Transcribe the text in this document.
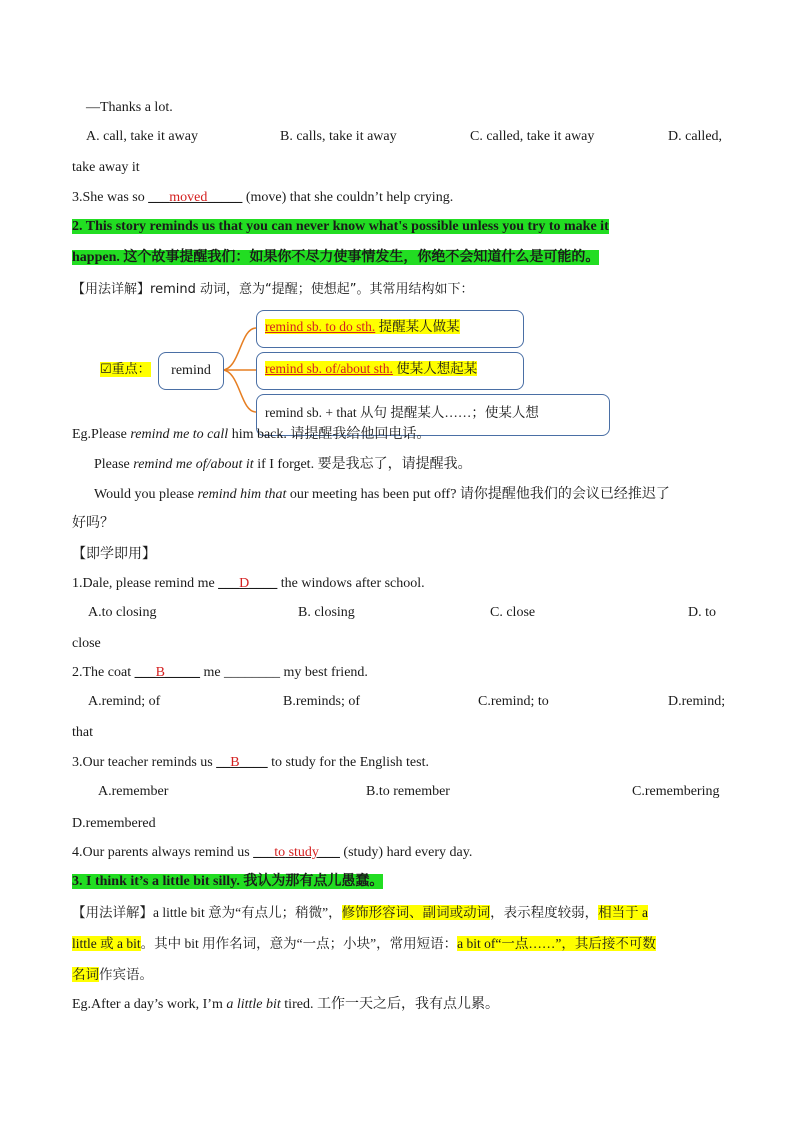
—Thanks a lot.
A. call, take it away	B. calls, take it away	C. called, take it away	D. called,
take away it
3.She was so ___moved_____ (move) that she couldn’t help crying.
2. This story reminds us that you can never know what's possible unless you try to make it
happen. 这个故事提醒我们：如果你不尽力使事情发生，你绝不会知道什么是可能的。
【用法详解】remind 动词，意为“提醒；使想起”。其常用结构如下：
☑重点：	remind
remind sb. to do sth. 提醒某人做某
remind sb. of/about sth. 使某人想起某
remind sb. + that 从句 提醒某人……；使某人想
Eg.Please remind me to call him back. 请提醒我给他回电话。
Please remind me of/about it if I forget. 要是我忘了，请提醒我。
Would you please remind him that our meeting has been put off? 请你提醒他我们的会议已经推迟了
好吗？
【即学即用】
1.Dale, please remind me ___D____ the windows after school.
A.to closing	B. closing	C. close	D. to
close
2.The coat ___B_____ me ________ my best friend.
A.remind; of	B.reminds; of	C.remind; to	D.remind;
that
3.Our teacher reminds us __B____ to study for the English test.
A.remember	B.to remember	C.remembering
D.remembered
4.Our parents always remind us ___to study___ (study) hard every day.
3. I think it’s a little bit silly. 我认为那有点儿愚蠢。
【用法详解】a little bit 意为“有点儿；稍微”，修饰形容词、副词或动词，表示程度较弱，相当于 a
little 或 a bit。其中 bit 用作名词，意为“一点；小块”，常用短语：a bit of“一点……”，其后接不可数
名词作宾语。
Eg.After a day’s work, I’m a little bit tired. 工作一天之后，我有点儿累。
